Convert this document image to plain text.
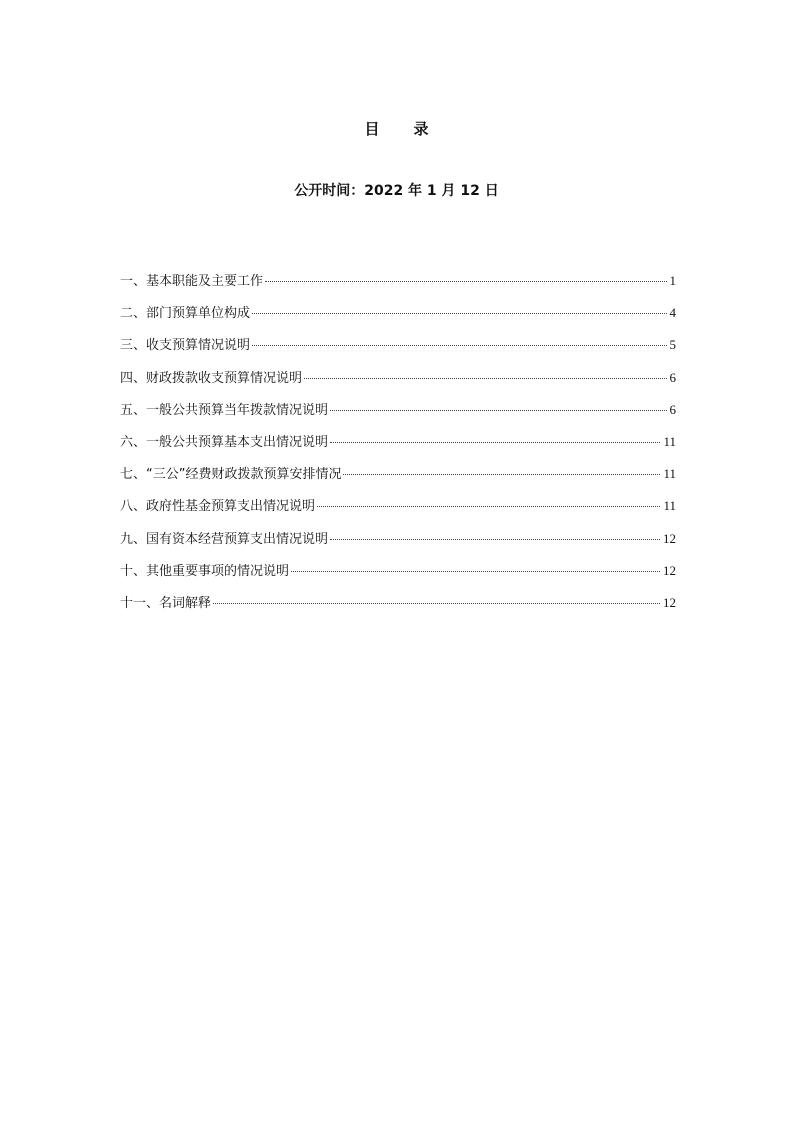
目 录
公开时间：2022 年 1 月 12 日
一、基本职能及主要工作	1
二、部门预算单位构成	4
三、收支预算情况说明	5
四、财政拨款收支预算情况说明	6
五、一般公共预算当年拨款情况说明	6
六、一般公共预算基本支出情况说明	11
七、“三公”经费财政拨款预算安排情况	11
八、政府性基金预算支出情况说明	11
九、国有资本经营预算支出情况说明	12
十、其他重要事项的情况说明	12
十一、名词解释	12
